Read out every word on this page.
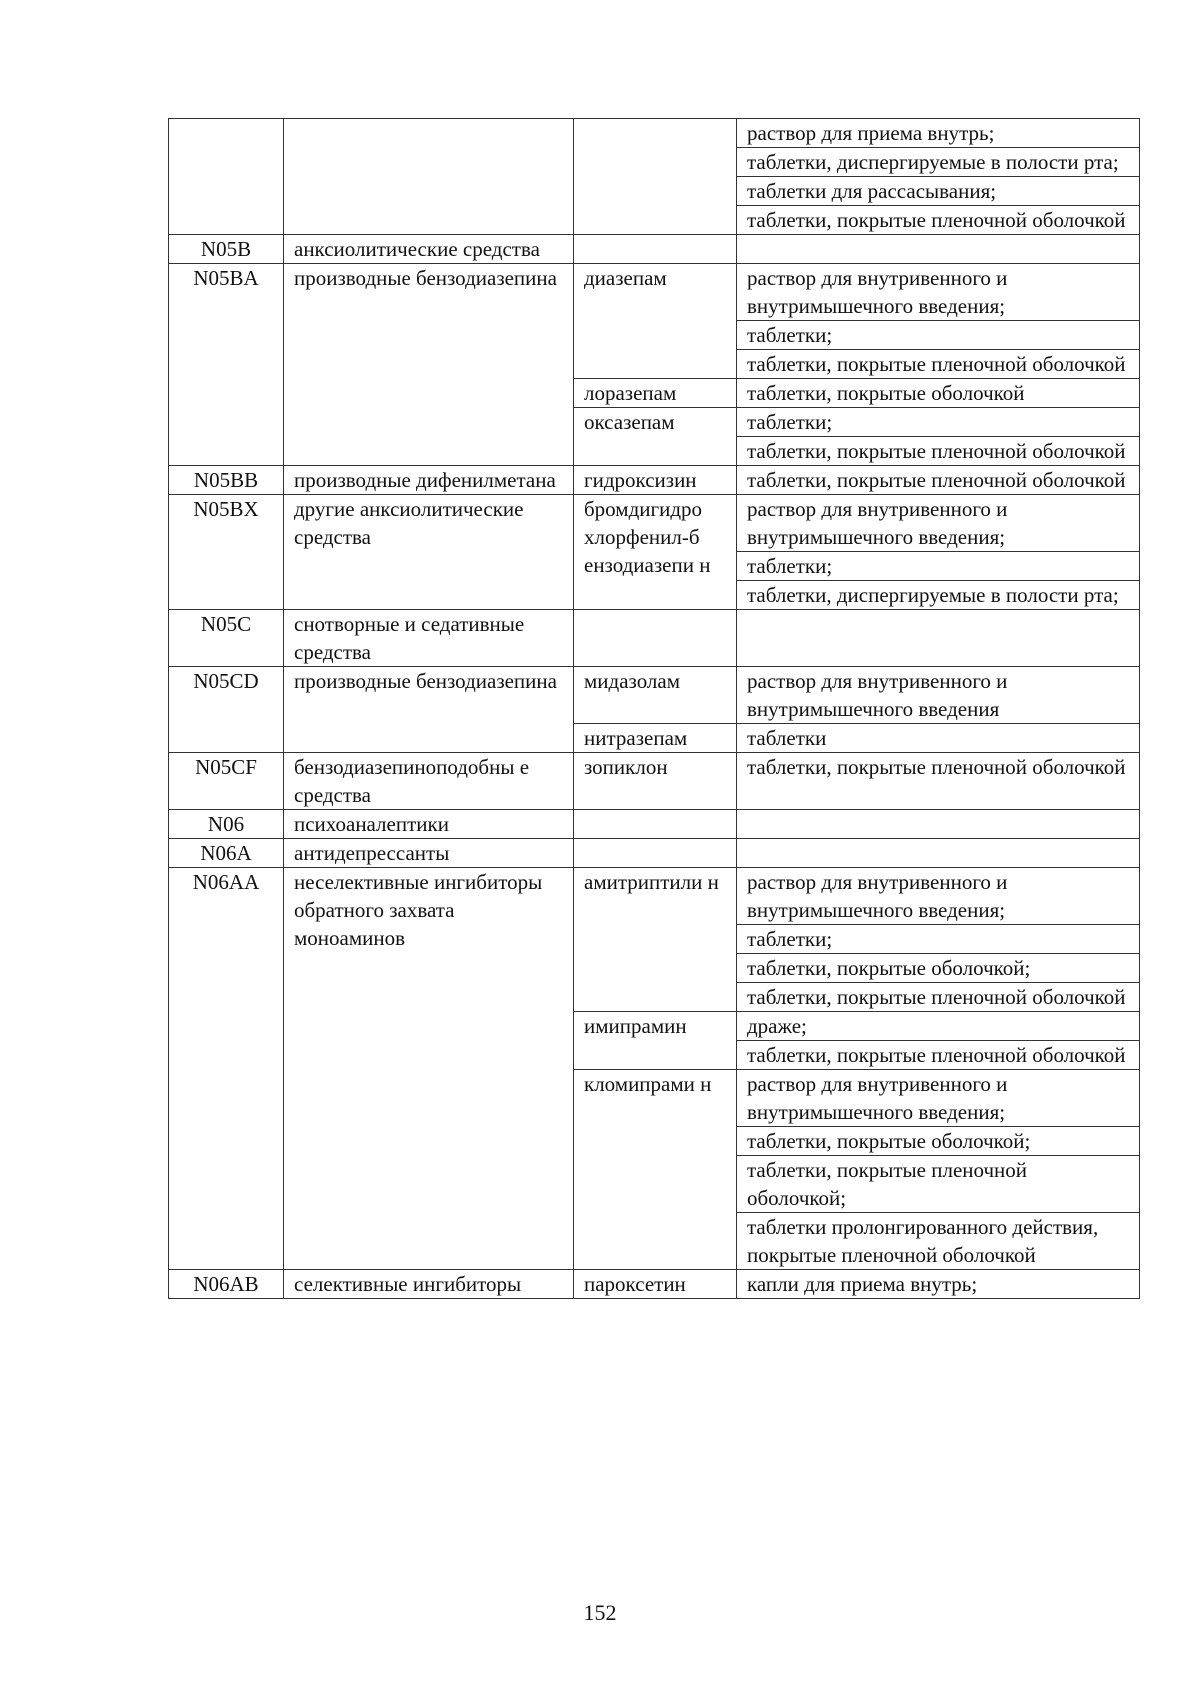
			раствор для приема внутрь;
			таблетки, диспергируемые в полости рта;
			таблетки для рассасывания;
			таблетки, покрытые пленочной оболочкой
N05B	анксиолитические средства		
N05BA	производные бензодиазепина	диазепам	раствор для внутривенного и внутримышечного введения;
			таблетки;
			таблетки, покрытые пленочной оболочкой
		лоразепам	таблетки, покрытые оболочкой
		оксазепам	таблетки;
			таблетки, покрытые пленочной оболочкой
N05BB	производные дифенилметана	гидроксизин	таблетки, покрытые пленочной оболочкой
N05BX	другие анксиолитические средства	бромдигидро хлорфенил-б ензодиазепи н	раствор для внутривенного и внутримышечного введения;
			таблетки;
			таблетки, диспергируемые в полости рта;
N05C	снотворные и седативные средства		
N05CD	производные бензодиазепина	мидазолам	раствор для внутривенного и внутримышечного введения
		нитразепам	таблетки
N05CF	бензодиазепиноподобны е средства	зопиклон	таблетки, покрытые пленочной оболочкой
N06	психоаналептики		
N06A	антидепрессанты		
N06AA	неселективные ингибиторы обратного захвата моноаминов	амитриптили н	раствор для внутривенного и внутримышечного введения;
			таблетки;
			таблетки, покрытые оболочкой;
			таблетки, покрытые пленочной оболочкой
		имипрамин	драже;
			таблетки, покрытые пленочной оболочкой
		кломипрами н	раствор для внутривенного и внутримышечного введения;
			таблетки, покрытые оболочкой;
			таблетки, покрытые пленочной оболочкой;
			таблетки пролонгированного действия, покрытые пленочной оболочкой
N06AB	селективные ингибиторы	пароксетин	капли для приема внутрь;
152
